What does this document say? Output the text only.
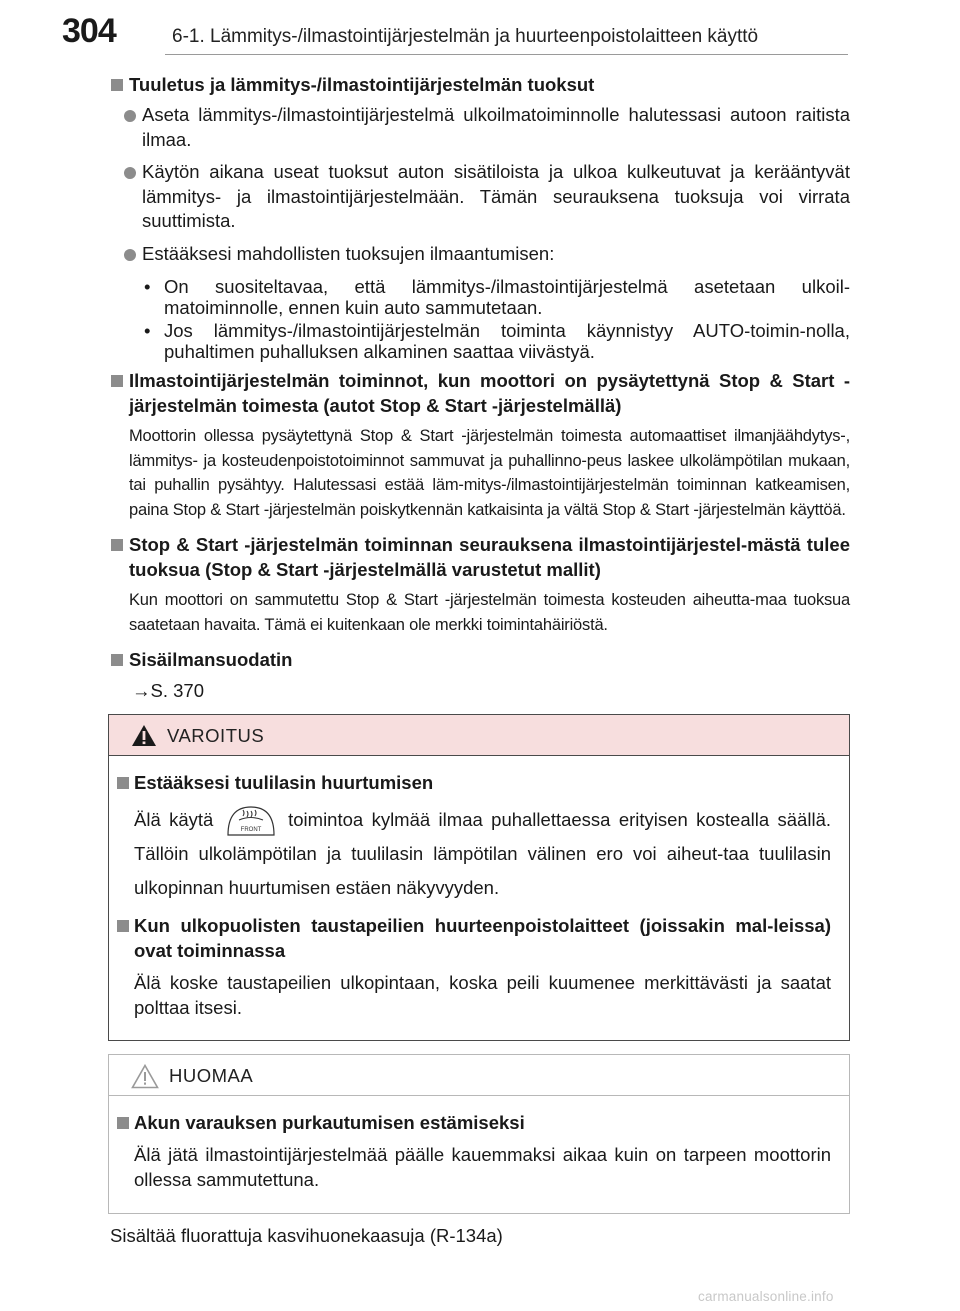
304	6-1. Lämmitys-/ilmastointijärjestelmän ja huurteenpoistolaitteen käyttö
Tuuletus ja lämmitys-/ilmastointijärjestelmän tuoksut
Aseta lämmitys-/ilmastointijärjestelmä ulkoilmatoiminnolle halutessasi autoon raitista ilmaa.
Käytön aikana useat tuoksut auton sisätiloista ja ulkoa kulkeutuvat ja kerääntyvät lämmitys- ja ilmastointijärjestelmään. Tämän seurauksena tuoksuja voi virrata suuttimista.
Estääksesi mahdollisten tuoksujen ilmaantumisen:
• On suositeltavaa, että lämmitys-/ilmastointijärjestelmä asetetaan ulkoil-matoiminnolle, ennen kuin auto sammutetaan.
• Jos lämmitys-/ilmastointijärjestelmän toiminta käynnistyy AUTO-toimin-nolla, puhaltimen puhalluksen alkaminen saattaa viivästyä.
Ilmastointijärjestelmän toiminnot, kun moottori on pysäytettynä Stop & Start -järjestelmän toimesta (autot Stop & Start -järjestelmällä)
Moottorin ollessa pysäytettynä Stop & Start -järjestelmän toimesta automaattiset ilmanjäähdytys-, lämmitys- ja kosteudenpoistotoiminnot sammuvat ja puhallinno-peus laskee ulkolämpötilan mukaan, tai puhallin pysähtyy. Halutessasi estää läm-mitys-/ilmastointijärjestelmän toiminnan katkeamisen, paina Stop & Start -järjestelmän poiskytkennän katkaisinta ja vältä Stop & Start -järjestelmän käyttöä.
Stop & Start -järjestelmän toiminnan seurauksena ilmastointijärjestel-mästä tulee tuoksua (Stop & Start -järjestelmällä varustetut mallit)
Kun moottori on sammutettu Stop & Start -järjestelmän toimesta kosteuden aiheutta-maa tuoksua saatetaan havaita. Tämä ei kuitenkaan ole merkki toimintahäiriöstä.
Sisäilmansuodatin
→S. 370
VAROITUS
Estääksesi tuulilasin huurtumisen
Älä käytä
FRONT
toimintoa kylmää ilmaa puhallettaessa erityisen kostealla säällä. Tällöin ulkolämpötilan ja tuulilasin lämpötilan välinen ero voi aiheut-taa tuulilasin ulkopinnan huurtumisen estäen näkyvyyden.
Kun ulkopuolisten taustapeilien huurteenpoistolaitteet (joissakin mal-leissa) ovat toiminnassa
Älä koske taustapeilien ulkopintaan, koska peili kuumenee merkittävästi ja saatat polttaa itsesi.
HUOMAA
Akun varauksen purkautumisen estämiseksi
Älä jätä ilmastointijärjestelmää päälle kauemmaksi aikaa kuin on tarpeen moottorin ollessa sammutettuna.
Sisältää fluorattuja kasvihuonekaasuja (R-134a)
carmanualsonline.info
